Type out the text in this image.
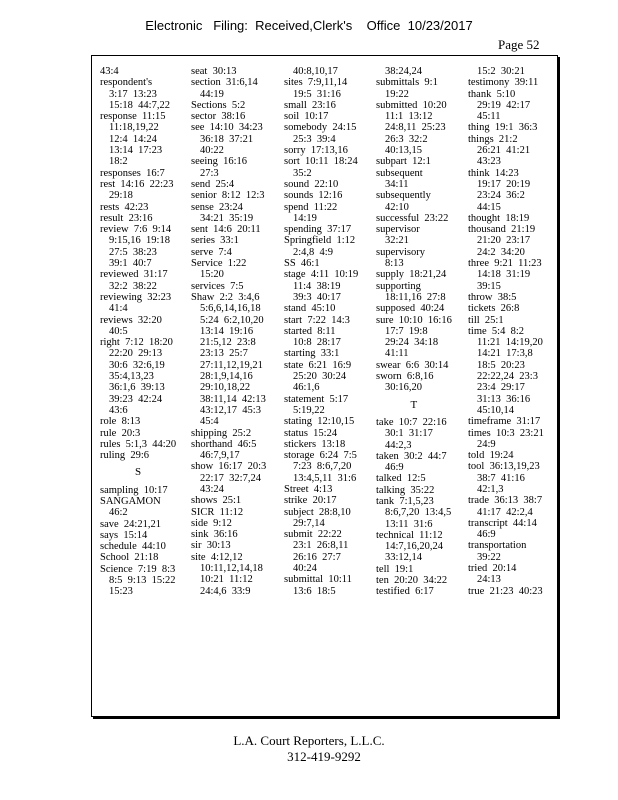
Electronic   Filing:  Received,Clerk's    Office  10/23/2017
Page 52
43:4
respondent's
3:17  13:23
15:18  44:7,22
response  11:15
11:18,19,22
12:4  14:24
13:14  17:23
18:2
responses  16:7
rest  14:16  22:23
29:18
rests  42:23
result  23:16
review  7:6  9:14
9:15,16  19:18
27:5  38:23
39:1  40:7
reviewed  31:17
32:2  38:22
reviewing  32:23
41:4
reviews  32:20
40:5
right  7:12  18:20
22:20  29:13
30:6  32:6,19
35:4,13,23
36:1,6  39:13
39:23  42:24
43:6
role  8:13
rule  20:3
rules  5:1,3  44:20
ruling  29:6
S
sampling  10:17
SANGAMON
46:2
save  24:21,21
says  15:14
schedule  44:10
School  21:18
Science  7:19  8:3
8:5  9:13  15:22
15:23
seat  30:13
section  31:6,14
44:19
Sections  5:2
sector  38:16
see  14:10  34:23
36:18  37:21
40:22
seeing  16:16
27:3
send  25:4
senior  8:12  12:3
sense  23:24
34:21  35:19
sent  14:6  20:11
series  33:1
serve  7:4
Service  1:22
15:20
services  7:5
Shaw  2:2  3:4,6
5:6,6,14,16,18
5:24  6:2,10,20
13:14  19:16
21:5,12  23:8
23:13  25:7
27:11,12,19,21
28:1,9,14,16
29:10,18,22
38:11,14  42:13
43:12,17  45:3
45:4
shipping  25:2
shorthand  46:5
46:7,9,17
show  16:17  20:3
22:17  32:7,24
43:24
shows  25:1
SICR  11:12
side  9:12
sink  36:16
sir  30:13
site  4:12,12
10:11,12,14,18
10:21  11:12
24:4,6  33:9
40:8,10,17
sites  7:9,11,14
19:5  31:16
small  23:16
soil  10:17
somebody  24:15
25:3  39:4
sorry  17:13,16
sort  10:11  18:24
35:2
sound  22:10
sounds  12:16
spend  11:22
14:19
spending  37:17
Springfield  1:12
2:4,8  4:9
SS  46:1
stage  4:11  10:19
11:4  38:19
39:3  40:17
stand  45:10
start  7:22  14:3
started  8:11
10:8  28:17
starting  33:1
state  6:21  16:9
25:20  30:24
46:1,6
statement  5:17
5:19,22
stating  12:10,15
status  15:24
stickers  13:18
storage  6:24  7:5
7:23  8:6,7,20
13:4,5,11  31:6
Street  4:13
strike  20:17
subject  28:8,10
29:7,14
submit  22:22
23:1  26:8,11
26:16  27:7
40:24
submittal  10:11
13:6  18:5
38:24,24
submittals  9:1
19:22
submitted  10:20
11:1  13:12
24:8,11  25:23
26:3  32:2
40:13,15
subpart  12:1
subsequent
34:11
subsequently
42:10
successful  23:22
supervisor
32:21
supervisory
8:13
supply  18:21,24
supporting
18:11,16  27:8
supposed  40:24
sure  10:10  16:16
17:7  19:8
29:24  34:18
41:11
swear  6:6  30:14
sworn  6:8,16
30:16,20
T
take  10:7  22:16
30:1  31:17
44:2,3
taken  30:2  44:7
46:9
talked  12:5
talking  35:22
tank  7:1,5,23
8:6,7,20  13:4,5
13:11  31:6
technical  11:12
14:7,16,20,24
33:12,14
tell  19:1
ten  20:20  34:22
testified  6:17
15:2  30:21
testimony  39:11
thank  5:10
29:19  42:17
45:11
thing  19:1  36:3
things  21:2
26:21  41:21
43:23
think  14:23
19:17  20:19
23:24  36:2
44:15
thought  18:19
thousand  21:19
21:20  23:17
24:2  34:20
three  9:21  11:23
14:18  31:19
39:15
throw  38:5
tickets  26:8
till  25:1
time  5:4  8:2
11:21  14:19,20
14:21  17:3,8
18:5  20:23
22:22,24  23:3
23:4  29:17
31:13  36:16
45:10,14
timeframe  31:17
times  10:3  23:21
24:9
told  19:24
tool  36:13,19,23
38:7  41:16
42:1,3
trade  36:13  38:7
41:17  42:2,4
transcript  44:14
46:9
transportation
39:22
tried  20:14
24:13
true  21:23  40:23
L.A. Court Reporters, L.L.C.
312-419-9292
